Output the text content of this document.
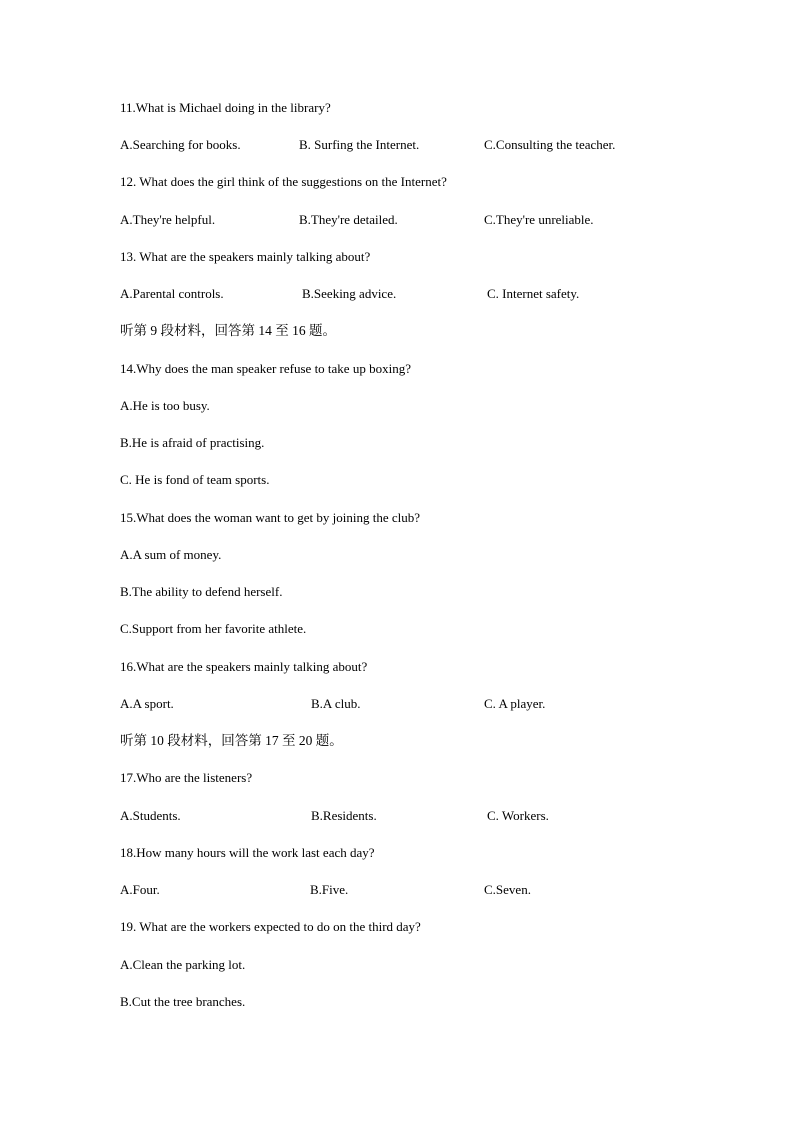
11.What is Michael doing in the library?
A.Searching for books.	B. Surfing the Internet.	C.Consulting the teacher.
12. What does the girl think of the suggestions on the Internet?
A.They're helpful.	B.They're detailed.	C.They're unreliable.
13. What are the speakers mainly talking about?
A.Parental controls.	B.Seeking advice.	C. Internet safety.
听第 9 段材料，回答第 14 至 16 题。
14.Why does the man speaker refuse to take up boxing?
A.He is too busy.
B.He is afraid of practising.
C. He is fond of team sports.
15.What does the woman want to get by joining the club?
A.A sum of money.
B.The ability to defend herself.
C.Support from her favorite athlete.
16.What are the speakers mainly talking about?
A.A sport.	B.A club.	C. A player.
听第 10 段材料，回答第 17 至 20 题。
17.Who are the listeners?
A.Students.	B.Residents.	C. Workers.
18.How many hours will the work last each day?
A.Four.	B.Five.	C.Seven.
19. What are the workers expected to do on the third day?
A.Clean the parking lot.
B.Cut the tree branches.
